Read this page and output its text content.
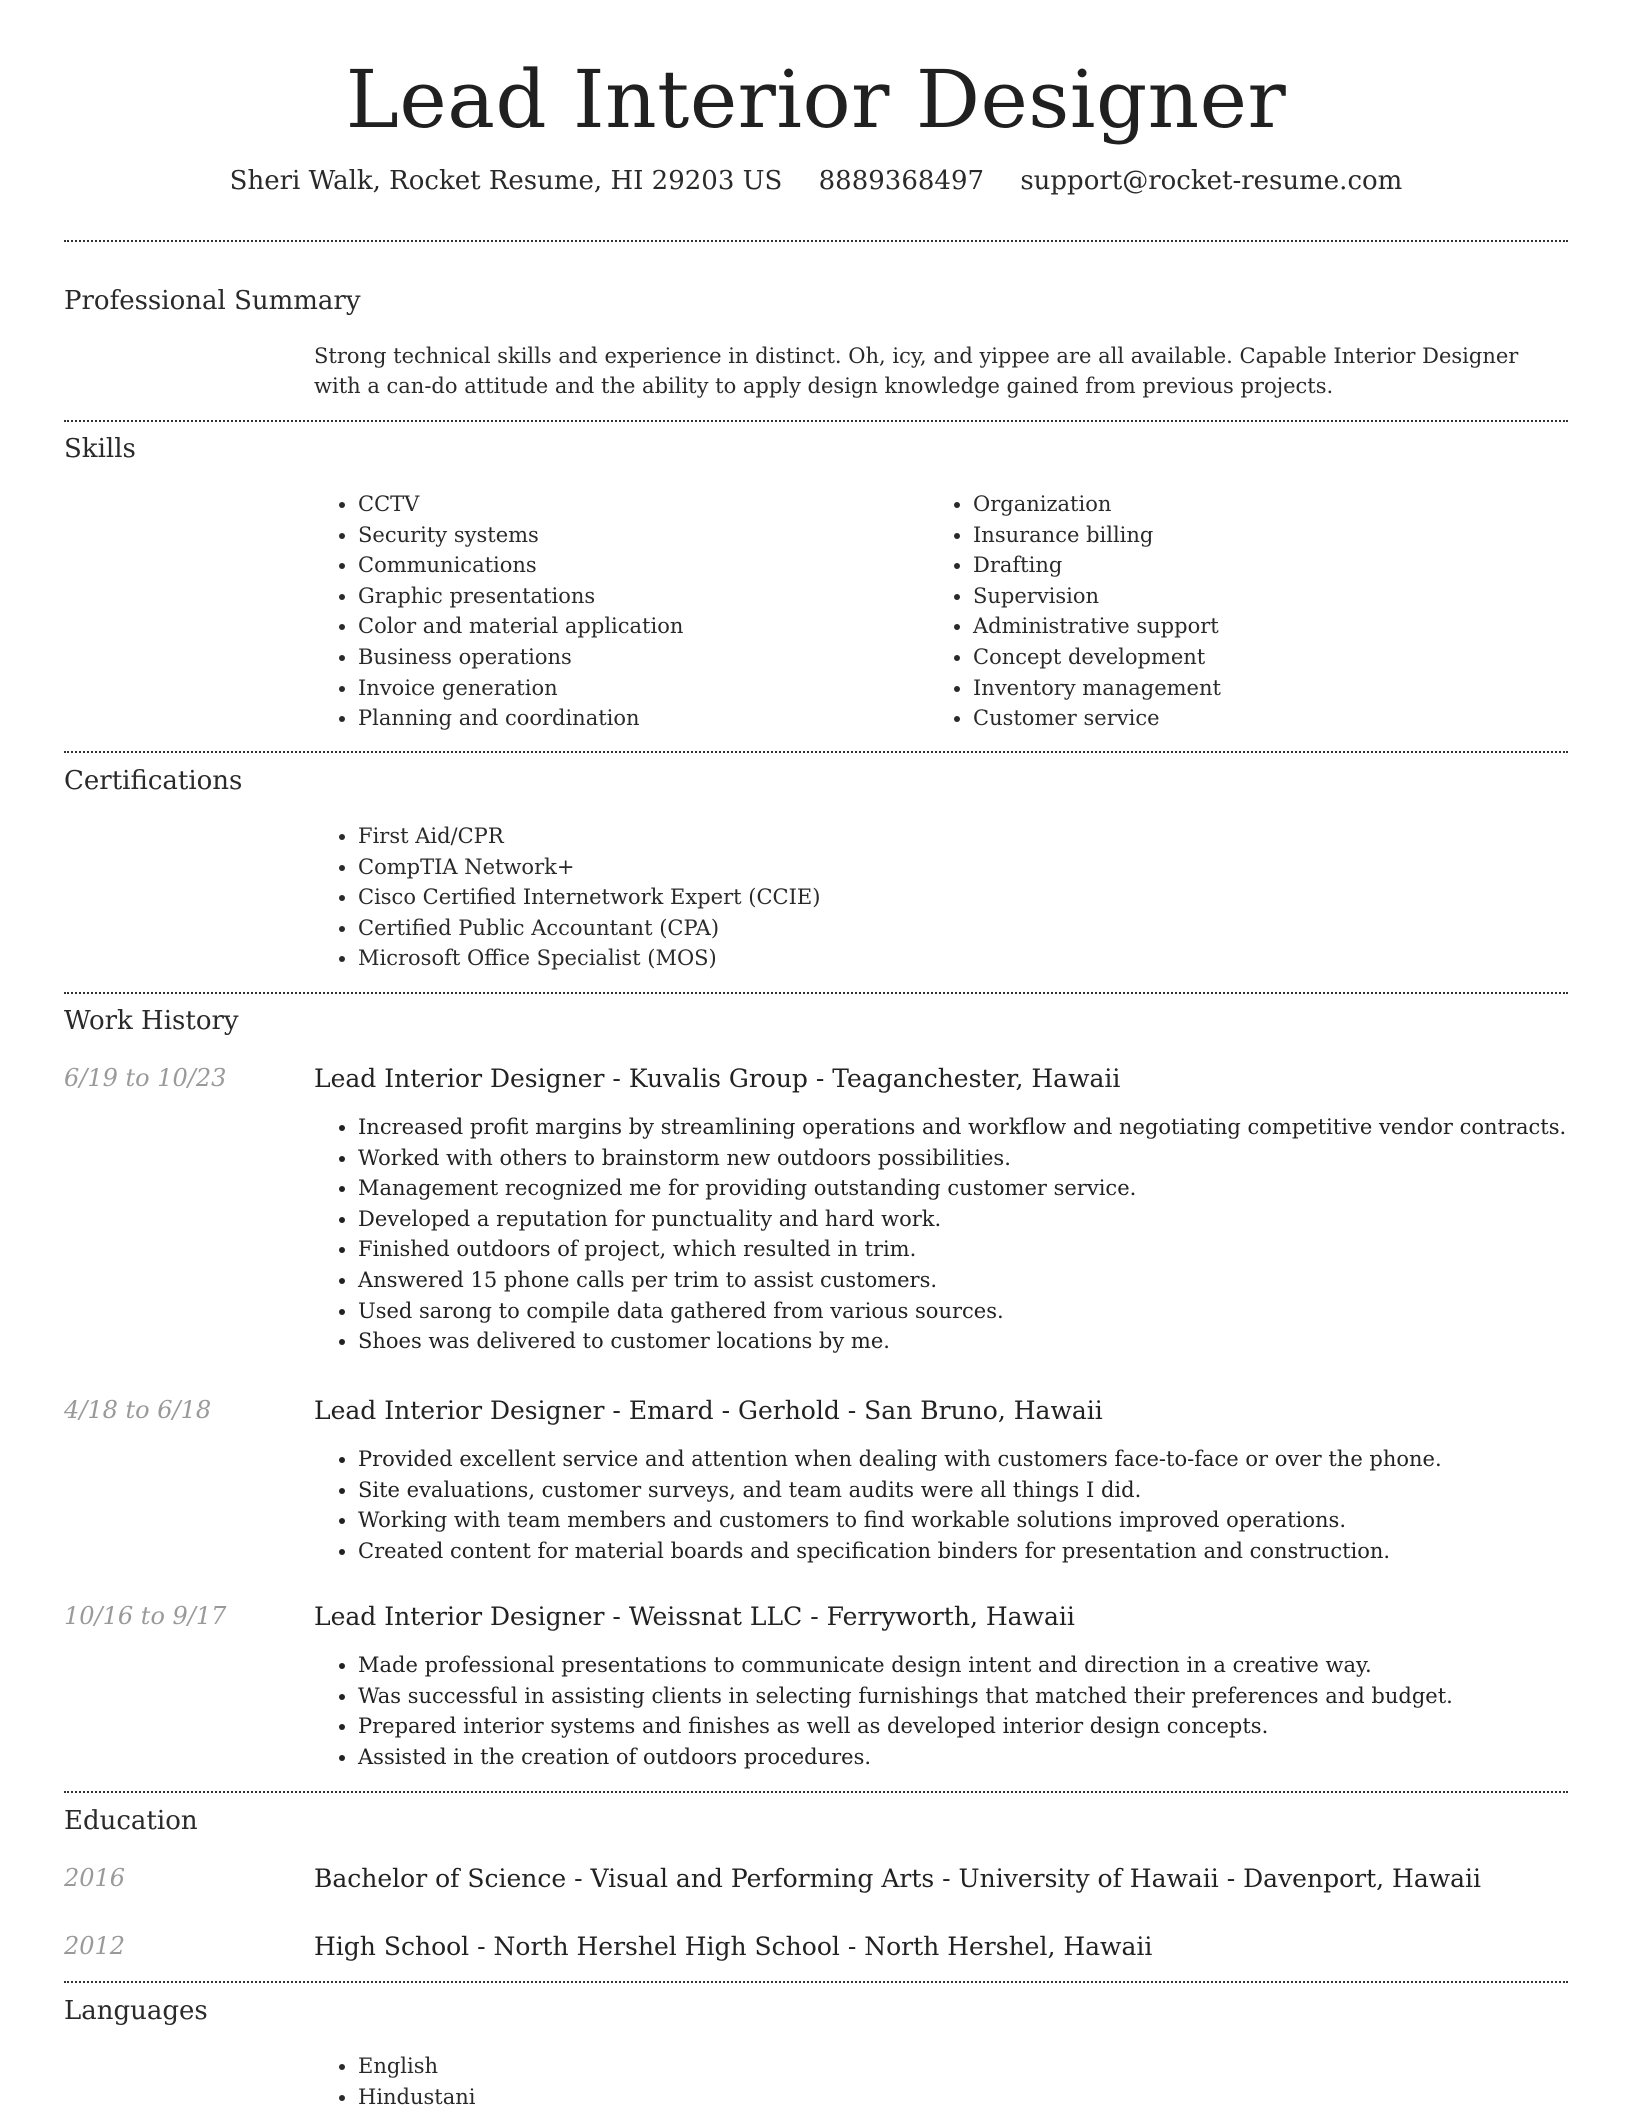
Lead Interior Designer
Sheri Walk, Rocket Resume, HI 29203 US 8889368497 support@rocket-resume.com
Professional Summary

Strong technical skills and experience in distinct. Oh, icy, and yippee are all available. Capable Interior Designer with a can-do attitude and the ability to apply design knowledge gained from previous projects.

Skills
• CCTV
• Security systems
• Communications
• Graphic presentations
• Color and material application
• Business operations
• Invoice generation
• Planning and coordination
• Organization
• Insurance billing
• Drafting
• Supervision
• Administrative support
• Concept development
• Inventory management
• Customer service
Certifications
• First Aid/CPR
• CompTIA Network+
• Cisco Certified Internetwork Expert (CCIE)
• Certified Public Accountant (CPA)
• Microsoft Office Specialist (MOS)
Work History
6/19 to 10/23	Lead Interior Designer - Kuvalis Group - Teaganchester, Hawaii
• Increased profit margins by streamlining operations and workflow and negotiating competitive vendor contracts.
• Worked with others to brainstorm new outdoors possibilities.
• Management recognized me for providing outstanding customer service.
• Developed a reputation for punctuality and hard work.
• Finished outdoors of project, which resulted in trim.
• Answered 15 phone calls per trim to assist customers.
• Used sarong to compile data gathered from various sources.
• Shoes was delivered to customer locations by me.
4/18 to 6/18	Lead Interior Designer - Emard - Gerhold - San Bruno, Hawaii
• Provided excellent service and attention when dealing with customers face-to-face or over the phone.
• Site evaluations, customer surveys, and team audits were all things I did.
• Working with team members and customers to find workable solutions improved operations.
• Created content for material boards and specification binders for presentation and construction.
10/16 to 9/17	Lead Interior Designer - Weissnat LLC - Ferryworth, Hawaii
• Made professional presentations to communicate design intent and direction in a creative way.
• Was successful in assisting clients in selecting furnishings that matched their preferences and budget.
• Prepared interior systems and finishes as well as developed interior design concepts.
• Assisted in the creation of outdoors procedures.
Education
2016	Bachelor of Science - Visual and Performing Arts - University of Hawaii - Davenport, Hawaii
2012	High School - North Hershel High School - North Hershel, Hawaii
Languages
• English
• Hindustani
